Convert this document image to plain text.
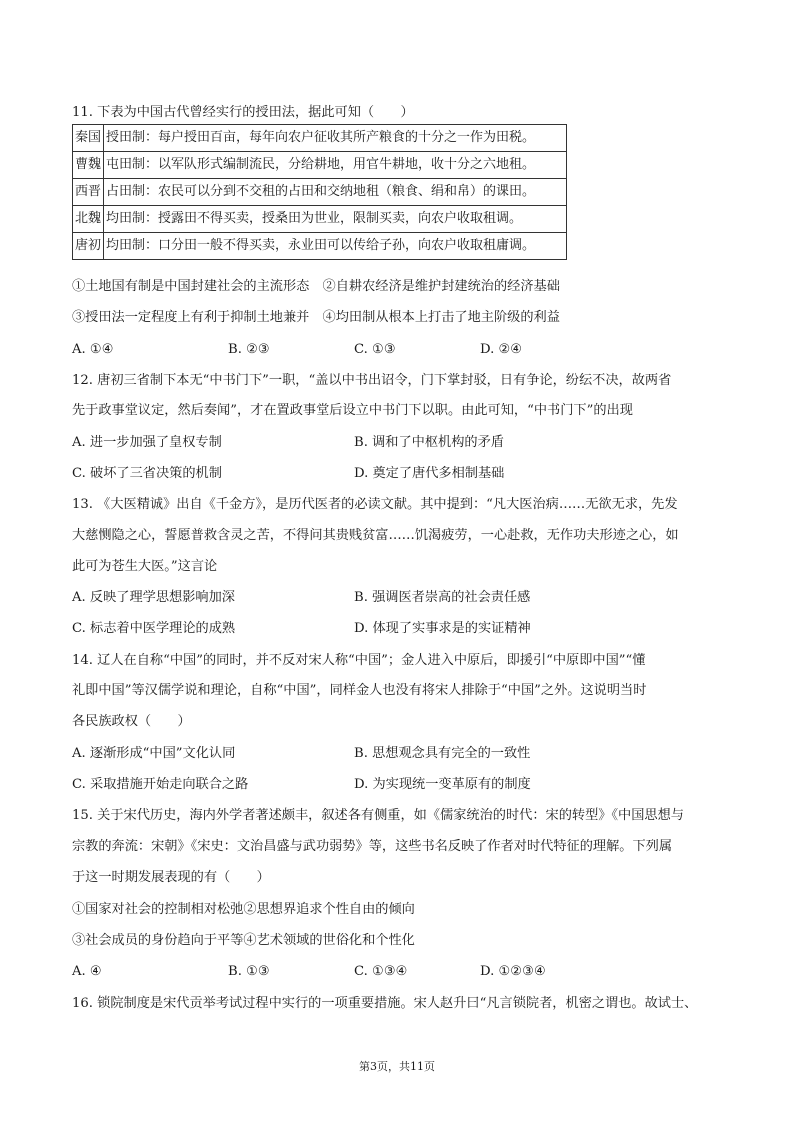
11. 下表为中国古代曾经实行的授田法，据此可知（　　）
秦国	授田制：每户授田百亩，每年向农户征收其所产粮食的十分之一作为田税。
曹魏	屯田制：以军队形式编制流民，分给耕地，用官牛耕地，收十分之六地租。
西晋	占田制：农民可以分到不交租的占田和交纳地租（粮食、绢和帛）的课田。
北魏	均田制：授露田不得买卖，授桑田为世业，限制买卖，向农户收取租调。
唐初	均田制：口分田一般不得买卖，永业田可以传给子孙，向农户收取租庸调。
①土地国有制是中国封建社会的主流形态　②自耕农经济是维护封建统治的经济基础
③授田法一定程度上有利于抑制土地兼并　④均田制从根本上打击了地主阶级的利益
A. ①④	B. ②③	C. ①③	D. ②④
12. 唐初三省制下本无“中书门下”一职，“盖以中书出诏令，门下掌封驳，日有争论，纷纭不决，故两省
先于政事堂议定，然后奏闻”，才在置政事堂后设立中书门下以职。由此可知，“中书门下”的出现
A. 进一步加强了皇权专制	B. 调和了中枢机构的矛盾
C. 破坏了三省决策的机制	D. 奠定了唐代多相制基础
13. 《大医精诚》出自《千金方》，是历代医者的必读文献。其中提到：“凡大医治病……无欲无求，先发
大慈恻隐之心，誓愿普救含灵之苦，不得问其贵贱贫富……饥渴疲劳，一心赴救，无作功夫形迹之心，如
此可为苍生大医。”这言论
A. 反映了理学思想影响加深	B. 强调医者崇高的社会责任感
C. 标志着中医学理论的成熟	D. 体现了实事求是的实证精神
14. 辽人在自称“中国”的同时，并不反对宋人称“中国”；金人进入中原后，即援引“中原即中国”“懂
礼即中国”等汉儒学说和理论，自称“中国”，同样金人也没有将宋人排除于“中国”之外。这说明当时
各民族政权（　　）
A. 逐渐形成“中国”文化认同	B. 思想观念具有完全的一致性
C. 采取措施开始走向联合之路	D. 为实现统一变革原有的制度
15. 关于宋代历史，海内外学者著述颇丰，叙述各有侧重，如《儒家统治的时代：宋的转型》《中国思想与
宗教的奔流：宋朝》《宋史：文治昌盛与武功弱势》等，这些书名反映了作者对时代特征的理解。下列属
于这一时期发展表现的有（　　）
①国家对社会的控制相对松弛②思想界追求个性自由的倾向
③社会成员的身份趋向于平等④艺术领域的世俗化和个性化
A. ④	B. ①③	C. ①③④	D. ①②③④
16. 锁院制度是宋代贡举考试过程中实行的一项重要措施。宋人赵升曰“凡言锁院者，机密之谓也。故试士、
第3页，共11页
